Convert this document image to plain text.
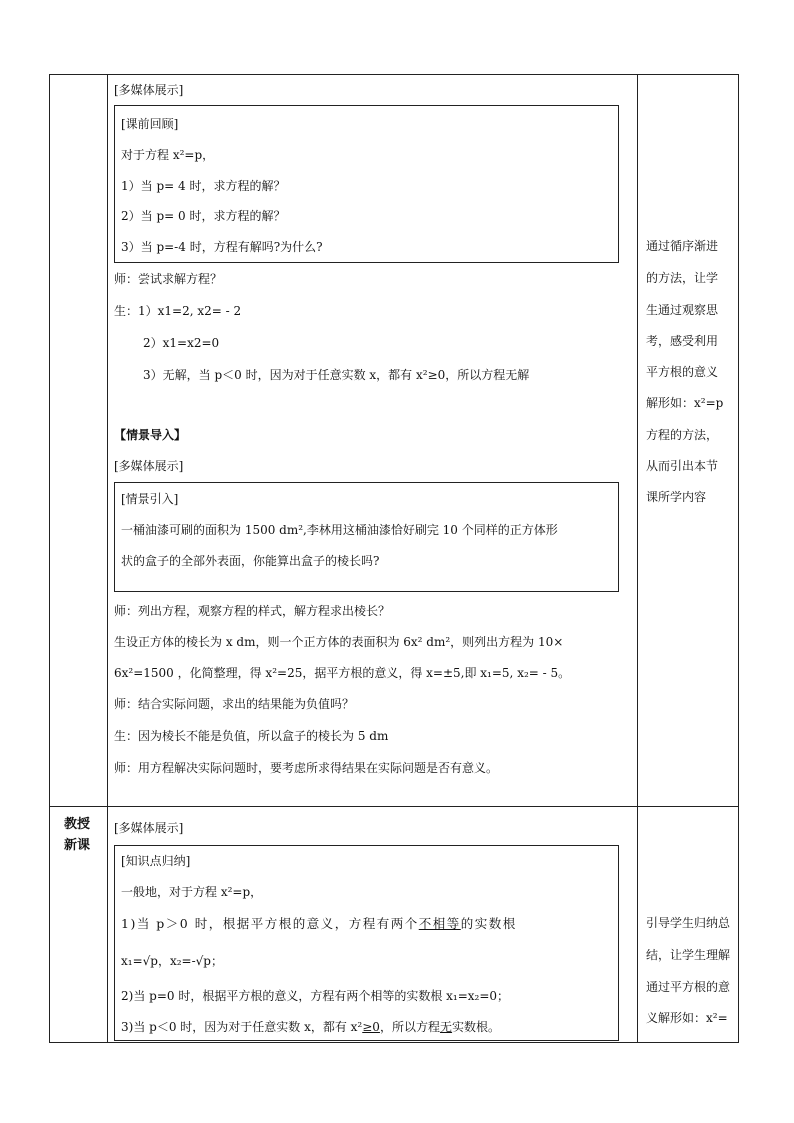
[多媒体展示]
[课前回顾]
对于方程 x²=p，
1）当 p= 4 时，求方程的解？
2）当 p= 0 时，求方程的解？
3）当 p=-4 时，方程有解吗?为什么?
师：尝试求解方程？
生：1）x1=2, x2= - 2
2）x1=x2=0
3）无解，当 p＜0 时，因为对于任意实数 x，都有 x²≥0，所以方程无解
【情景导入】
[多媒体展示]
[情景引入]
一桶油漆可刷的面积为 1500 dm²,李林用这桶油漆恰好刷完 10 个同样的正方体形
状的盒子的全部外表面，你能算出盒子的棱长吗?
师：列出方程，观察方程的样式，解方程求出棱长？
生设正方体的棱长为 x dm，则一个正方体的表面积为 6x² dm²，则列出方程为 10×
6x²=1500 ，化简整理，得 x²=25，据平方根的意义，得 x=±5,即 x₁=5, x₂= - 5。
师：结合实际问题，求出的结果能为负值吗？
生：因为棱长不能是负值，所以盒子的棱长为 5 dm
师：用方程解决实际问题时，要考虑所求得结果在实际问题是否有意义。
通过循序渐进
的方法，让学
生通过观察思
考，感受利用
平方根的意义
解形如：x²=p
方程的方法，
从而引出本节
课所学内容
教授
新课
[多媒体展示]
[知识点归纳]
一般地，对于方程 x²=p，
1)当 p＞0 时，根据平方根的意义，方程有两个不相等的实数根
x₁=√p，x₂=-√p；
2)当 p=0 时，根据平方根的意义，方程有两个相等的实数根 x₁=x₂=0；
3)当 p＜0 时，因为对于任意实数 x，都有 x²≥0，所以方程无实数根。
引导学生归纳总
结，让学生理解
通过平方根的意
义解形如：x²=
